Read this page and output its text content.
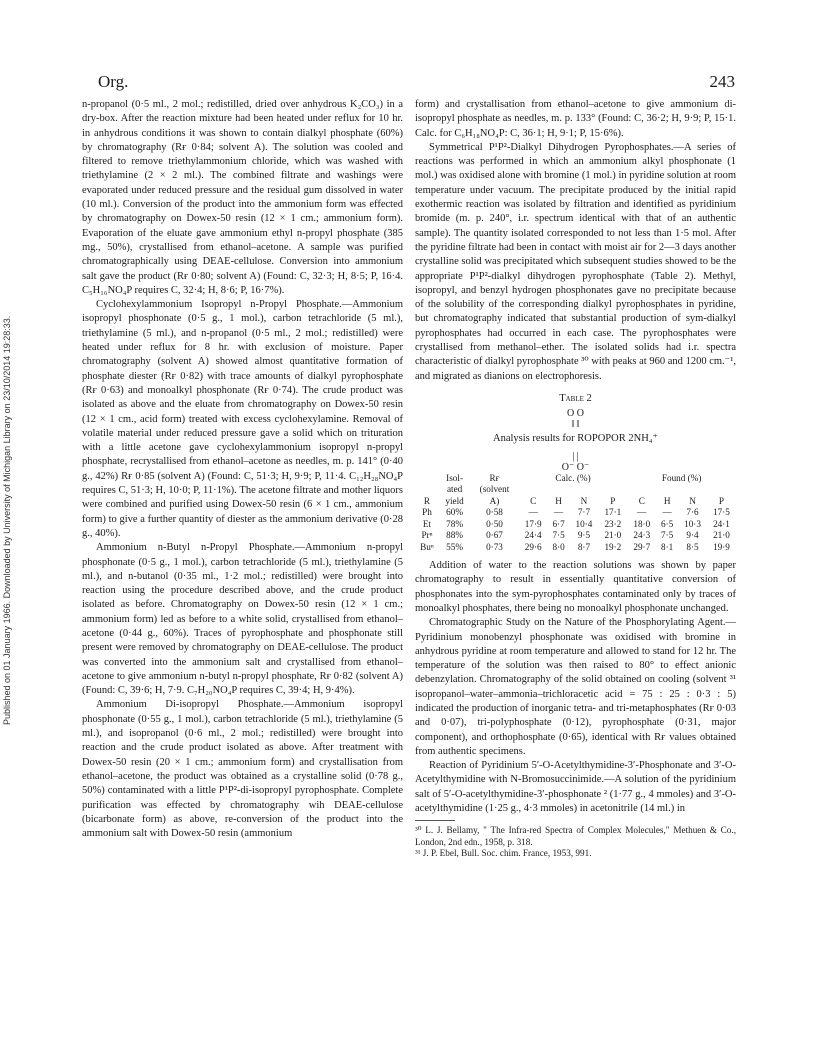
Org.	243
Published on 01 January 1966. Downloaded by University of Michigan Library on 23/10/2014 19:28:33.

n-propanol (0·5 ml., 2 mol.; redistilled, dried over anhydrous K₂CO₃) in a dry-box. After the reaction mixture had been heated under reflux for 10 hr. in anhydrous conditions it was shown to contain dialkyl phosphate (60%) by chromatography (Rғ 0·84; solvent A). The solution was cooled and filtered to remove triethylammonium chloride, which was washed with triethylamine (2 × 2 ml.). The combined filtrate and washings were evaporated under reduced pressure and the residual gum dissolved in water (10 ml.). Conversion of the product into the ammonium form was effected by chromatography on Dowex-50 resin (12 × 1 cm.; ammonium form). Evaporation of the eluate gave ammonium ethyl n-propyl phosphate (385 mg., 50%), crystallised from ethanol–acetone. A sample was purified chromatographically using DEAE-cellulose. Conversion into ammonium salt gave the product (Rғ 0·80; solvent A) (Found: C, 32·3; H, 8·5; P, 16·4. C₅H₁₆NO₄P requires C, 32·4; H, 8·6; P, 16·7%).

Cyclohexylammonium Isopropyl n-Propyl Phosphate.—Ammonium isopropyl phosphonate (0·5 g., 1 mol.), carbon tetrachloride (5 ml.), triethylamine (5 ml.), and n-propanol (0·5 ml., 2 mol.; redistilled) were heated under reflux for 8 hr. with exclusion of moisture. Paper chromatography (solvent A) showed almost quantitative formation of phosphate diester (Rғ 0·82) with trace amounts of dialkyl pyrophosphate (Rғ 0·63) and monoalkyl phosphonate (Rғ 0·74). The crude product was isolated as above and the eluate from chromatography on Dowex-50 resin (12 × 1 cm., acid form) treated with excess cyclohexylamine. Removal of volatile material under reduced pressure gave a solid which on trituration with a little acetone gave cyclohexylammonium isopropyl n-propyl phosphate, recrystallised from ethanol–acetone as needles, m. p. 141° (0·40 g., 42%) Rғ 0·85 (solvent A) (Found: C, 51·3; H, 9·9; P, 11·4. C₁₂H₂₈NO₄P requires C, 51·3; H, 10·0; P, 11·1%). The acetone filtrate and mother liquors were combined and purified using Dowex-50 resin (6 × 1 cm., ammonium form) to give a further quantity of diester as the ammonium derivative (0·28 g., 40%).

Ammonium n-Butyl n-Propyl Phosphate.—Ammonium n-propyl phosphonate (0·5 g., 1 mol.), carbon tetrachloride (5 ml.), triethylamine (5 ml.), and n-butanol (0·35 ml., 1·2 mol.; redistilled) were brought into reaction using the procedure described above, and the crude product isolated as before. Chromatography on Dowex-50 resin (12 × 1 cm.; ammonium form) led as before to a white solid, crystallised from ethanol–acetone (0·44 g., 60%). Traces of pyrophosphate and phosphonate still present were removed by chromatography on DEAE-cellulose. The product was converted into the ammonium salt and crystallised from ethanol–acetone to give ammonium n-butyl n-propyl phosphate, Rғ 0·82 (solvent A) (Found: C, 39·6; H, 7·9. C₇H₂₀NO₄P requires C, 39·4; H, 9·4%).

Ammonium Di-isopropyl Phosphate.—Ammonium isopropyl phosphonate (0·55 g., 1 mol.), carbon tetrachloride (5 ml.), triethylamine (5 ml.), and isopropanol (0·6 ml., 2 mol.; redistilled) were brought into reaction and the crude product isolated as above. After treatment with Dowex-50 resin (20 × 1 cm.; ammonium form) and crystallisation from ethanol–acetone, the product was obtained as a crystalline solid (0·78 g., 50%) contaminated with a little P¹P²-di-isopropyl pyrophosphate. Complete purification was effected by chromatography wih DEAE-cellulose (bicarbonate form) as above, re-conversion of the product into the ammonium salt with Dowex-50 resin (ammonium

form) and crystallisation from ethanol–acetone to give ammonium di-isopropyl phosphate as needles, m. p. 133° (Found: C, 36·2; H, 9·9; P, 15·1. Calc. for C₆H₁₈NO₄P: C, 36·1; H, 9·1; P, 15·6%).

Symmetrical P¹P²-Dialkyl Dihydrogen Pyrophosphates.—A series of reactions was performed in which an ammonium alkyl phosphonate (1 mol.) was oxidised alone with bromine (1 mol.) in pyridine solution at room temperature under vacuum. The precipitate produced by the initial rapid exothermic reaction was isolated by filtration and identified as pyridinium bromide (m. p. 240°, i.r. spectrum identical with that of an authentic sample). The quantity isolated corresponded to not less than 1·5 mol. After the pyridine filtrate had been in contact with moist air for 2—3 days another crystalline solid was precipitated which subsequent studies showed to be the appropriate P¹P²-dialkyl dihydrogen pyrophosphate (Table 2). Methyl, isopropyl, and benzyl hydrogen phosphonates gave no precipitate because of the solubility of the corresponding dialkyl pyrophosphates in pyridine, but chromatography indicated that substantial production of sym-dialkyl pyrophosphates had occurred in each case. The pyrophosphates were crystallised from methanol–ether. The isolated solids had i.r. spectra characteristic of dialkyl pyrophosphate ³⁰ with peaks at 960 and 1200 cm.⁻¹, and migrated as dianions on electrophoresis.

Table 2
O O
‖ ‖
Analysis results for ROPOPOR 2NH₄⁺
| |
O⁻ O⁻
	Isol-	Rғ	Calc. (%)				Found (%)			
	ated	(solvent								
R	yield	A)	C	H	N	P	C	H	N	P
Ph	60%	0·58	—	—	7·7	17·1	—	—	7·6	17·5
Et	78%	0·50	17·9	6·7	10·4	23·2	18·0	6·5	10·3	24·1
Prⁿ	88%	0·67	24·4	7·5	9·5	21·0	24·3	7·5	9·4	21·0
Buⁿ	55%	0·73	29·6	8·0	8·7	19·2	29·7	8·1	8·5	19·9

Addition of water to the reaction solutions was shown by paper chromatography to result in essentially quantitative conversion of phosphonates into the sym-pyrophosphates contaminated only by traces of monoalkyl phosphates, there being no monoalkyl phosphonate unchanged.

Chromatographic Study on the Nature of the Phosphorylating Agent.—Pyridinium monobenzyl phosphonate was oxidised with bromine in anhydrous pyridine at room temperature and allowed to stand for 12 hr. The temperature of the solution was then raised to 80° to effect anionic debenzylation. Chromatography of the solid obtained on cooling (solvent ³¹ isopropanol–water–ammonia–trichloracetic acid = 75 : 25 : 0·3 : 5) indicated the production of inorganic tetra- and tri-metaphosphates (Rғ 0·03 and 0·07), tri-polyphosphate (0·12), pyrophosphate (0·31, major component), and orthophosphate (0·65), identical with Rғ values obtained from authentic specimens.

Reaction of Pyridinium 5′-O-Acetylthymidine-3′-Phosphonate and 3′-O-Acetylthymidine with N-Bromosuccinimide.—A solution of the pyridinium salt of 5′-O-acetylthymidine-3′-phosphonate ² (1·77 g., 4 mmoles) and 3′-O-acetylthymidine (1·25 g., 4·3 mmoles) in acetonitrile (14 ml.) in

³⁰ L. J. Bellamy, " The Infra-red Spectra of Complex Molecules," Methuen & Co., London, 2nd edn., 1958, p. 318.

³¹ J. P. Ebel, Bull. Soc. chim. France, 1953, 991.
